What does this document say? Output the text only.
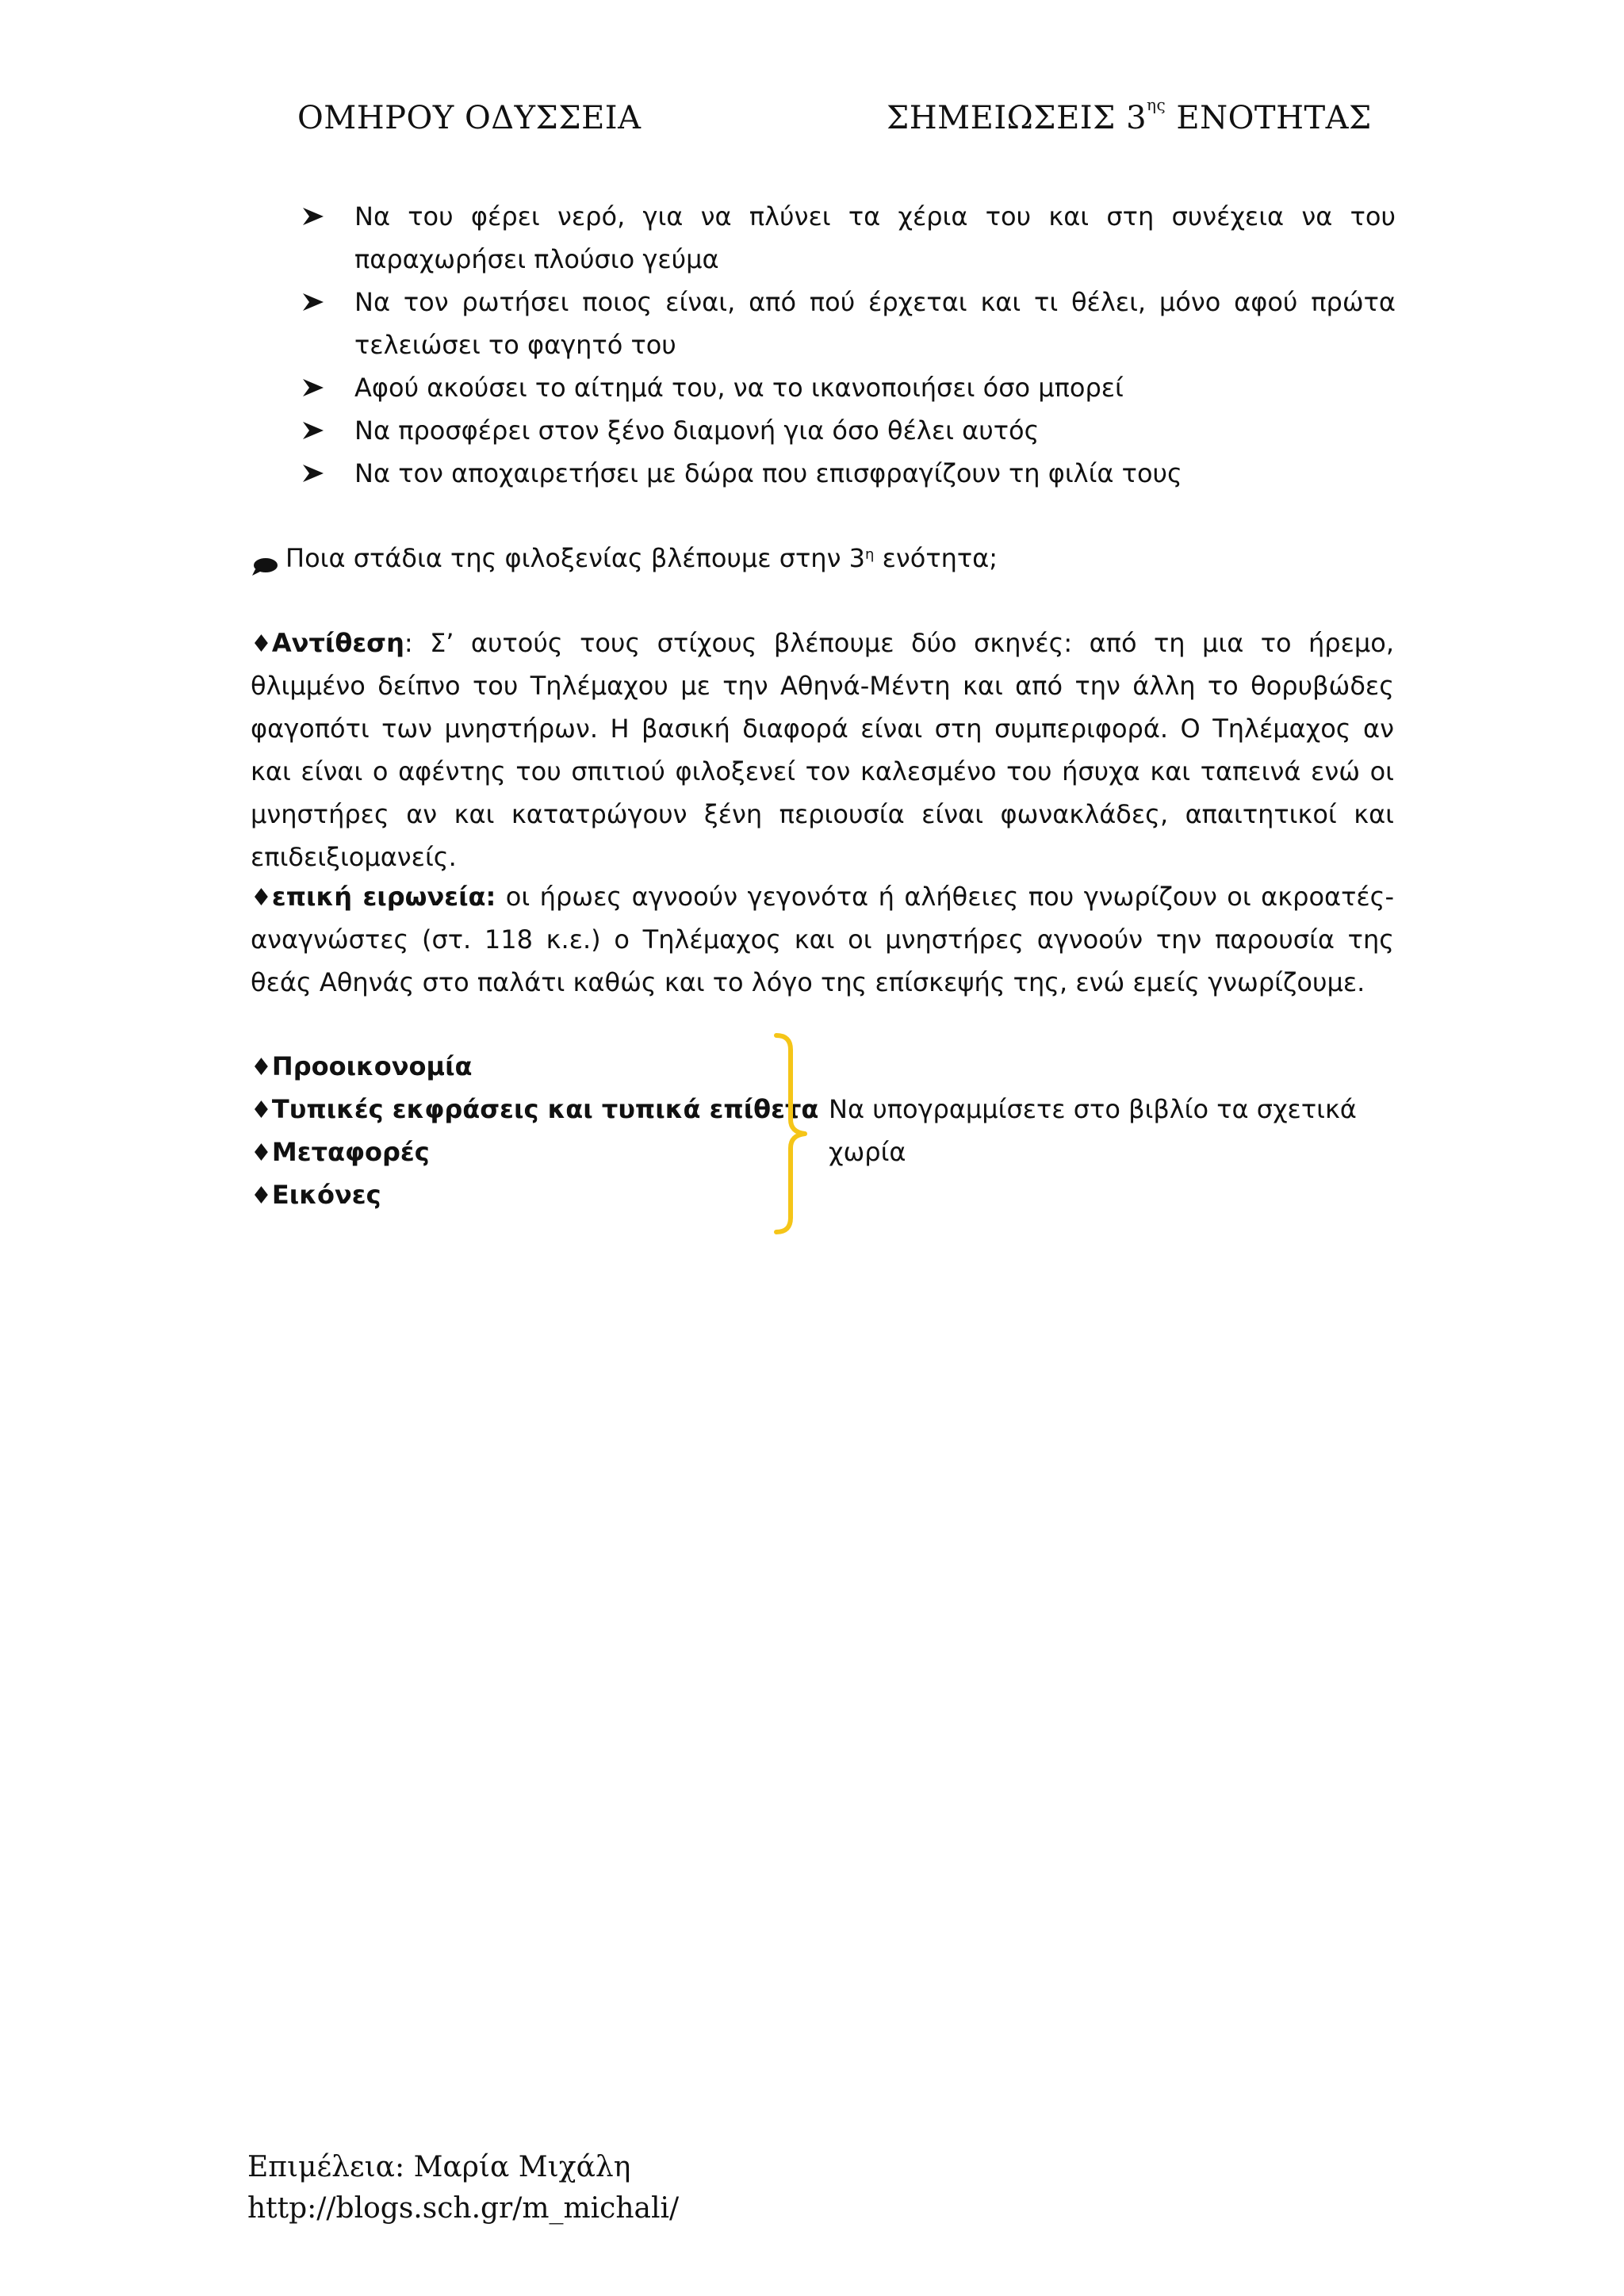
ΟΜΗΡΟΥ ΟΔΥΣΣΕΙΑ	ΣΗΜΕΙΩΣΕΙΣ $3^{\eta\varsigma}$ ΕΝΟΤΗΤΑΣ
Να του φέρει νερό, για να πλύνει τα χέρια του και στη συνέχεια να του παραχωρήσει πλούσιο γεύμα
Να τον ρωτήσει ποιος είναι, από πού έρχεται και τι θέλει, μόνο αφού πρώτα τελειώσει το φαγητό του
Αφού ακούσει το αίτημά του, να το ικανοποιήσει όσο μπορεί
Να προσφέρει στον ξένο διαμονή για όσο θέλει αυτός
Να τον αποχαιρετήσει με δώρα που επισφραγίζουν τη φιλία τους
Ποια στάδια της φιλοξενίας βλέπουμε στην $3^\eta$ ενότητα;

♦Αντίθεση: Σ’ αυτούς τους στίχους βλέπουμε δύο σκηνές: από τη μια το ήρεμο, θλιμμένο δείπνο του Τηλέμαχου με την Αθηνά-Μέντη και από την άλλη το θορυβώδες φαγοπότι των μνηστήρων. Η βασική διαφορά είναι στη συμπεριφορά. Ο Τηλέμαχος αν και είναι ο αφέντης του σπιτιού φιλοξενεί τον καλεσμένο του ήσυχα και ταπεινά ενώ οι μνηστήρες αν και κατατρώγουν ξένη περιουσία είναι φωνακλάδες, απαιτητικοί και επιδειξιομανείς.

♦επική ειρωνεία: οι ήρωες αγνοούν γεγονότα ή αλήθειες που γνωρίζουν οι ακροατές-αναγνώστες (στ. 118 κ.ε.) ο Τηλέμαχος και οι μνηστήρες αγνοούν την παρουσία της θεάς Αθηνάς στο παλάτι καθώς και το λόγο της επίσκεψής της, ενώ εμείς γνωρίζουμε.

♦Προοικονομία
♦Τυπικές εκφράσεις και τυπικά επίθετα
♦Μεταφορές
♦Εικόνες
Να υπογραμμίσετε στο βιβλίο τα σχετικά χωρία
Επιμέλεια: Μαρία Μιχάλη
http://blogs.sch.gr/m_michali/
